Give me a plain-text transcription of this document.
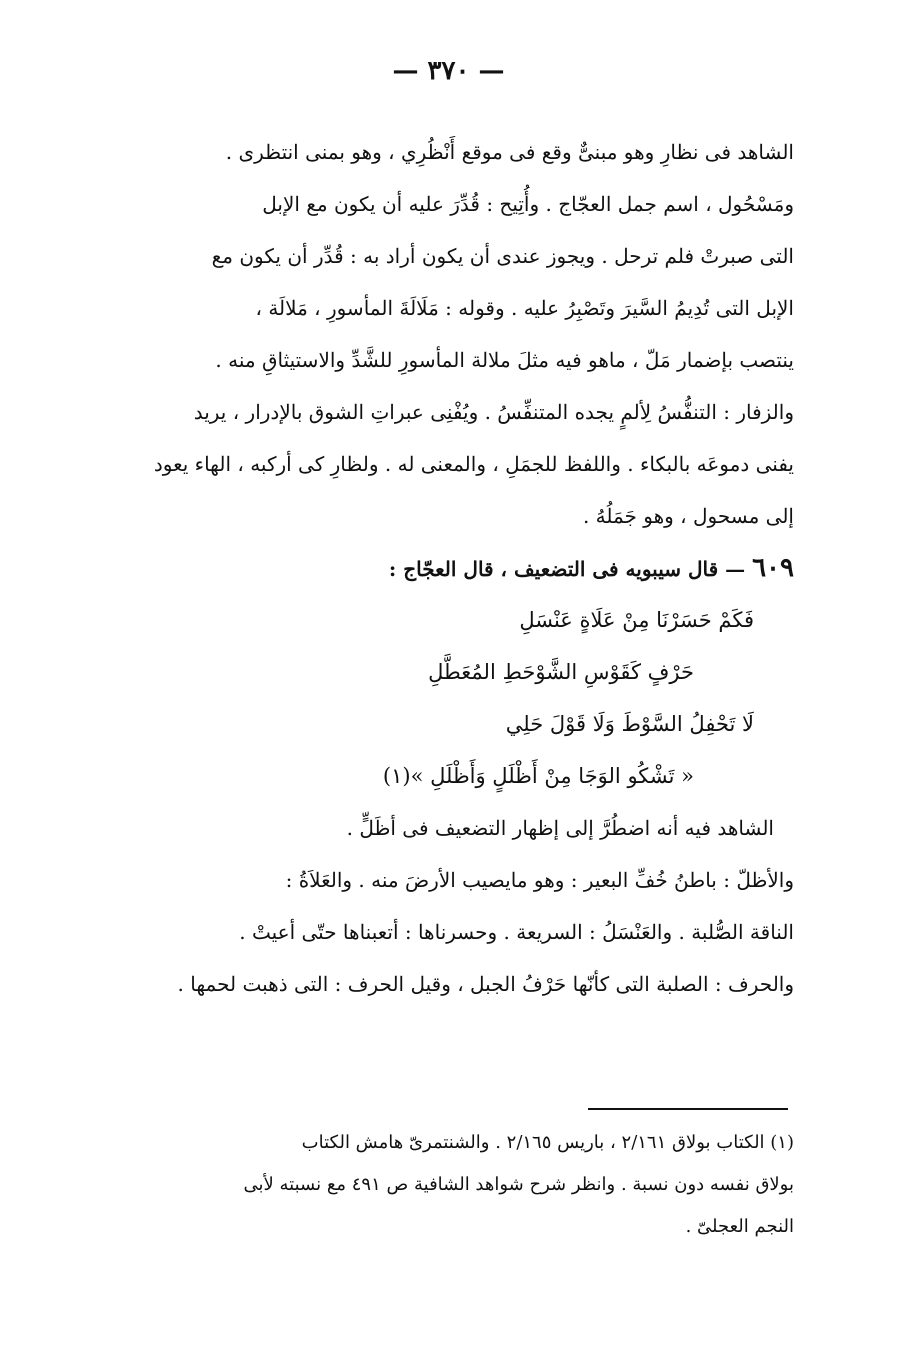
— ٣٧٠ —
الشاهد فى نظارِ وهو مبنىٌّ وقع فى موقع أَنْظُرِي ، وهو بمنى انتظرى .
ومَسْحُول ، اسم جمل العجّاج . وأُتِيح : قُدِّرَ عليه أن يكون مع الإبل
التى صبرتْ فلم ترحل . ويجوز عندى أن يكون أراد به : قُدِّر أن يكون مع
الإبل التى تُدِيمُ السَّيرَ وتَصْبِرُ عليه . وقوله : مَلَالَةَ المأسورِ ، مَلالَة ،
ينتصب بإضمار مَلّ ، ماهو فيه مثلَ ملالة المأسورِ للشَّدِّ والاستيثاقِ منه .
والزفار : التنفُّسُ لِألمٍ يجده المتنفِّسُ . ويُفْنِى عبراتِ الشوق بالإدرار ، يريد
يفنى دموعَه بالبكاء . واللفظ للجمَلِ ، والمعنى له . ولظارِ كى أركبه ، الهاء يعود
إلى مسحول ، وهو جَمَلُهُ .
٦٠٩ — قال سيبويه فى التضعيف ، قال العجّاج :
فَكَمْ حَسَرْنَا مِنْ عَلَاةٍ عَنْسَلِ
حَرْفٍ كَقَوْسِ الشَّوْحَطِ المُعَطَّلِ
لَا تَحْفِلُ السَّوْطَ وَلَا قَوْلَ حَلِي
« تَشْكُو الوَجَا مِنْ أَظْلَلٍ وَأَظْلَلِ »(١)
الشاهد فيه أنه اضطُرَّ إلى إظهار التضعيف فى أظَلٍّ .
والأظلّ : باطنُ خُفِّ البعير : وهو مايصيب الأرضَ منه . والعَلاَةُ :
الناقة الصُّلبة . والعَنْسَلُ : السريعة . وحسرناها : أتعبناها حتّى أعيتْ .
والحرف : الصلبة التى كأنّها حَرْفُ الجبل ، وقيل الحرف : التى ذهبت لحمها .
(١) الكتاب بولاق ٢/١٦١ ، باريس ٢/١٦٥ . والشنتمرىّ هامش الكتاب
بولاق نفسه دون نسبة . وانظر شرح شواهد الشافية ص ٤٩١ مع نسبته لأبى
النجم العجلىّ .
